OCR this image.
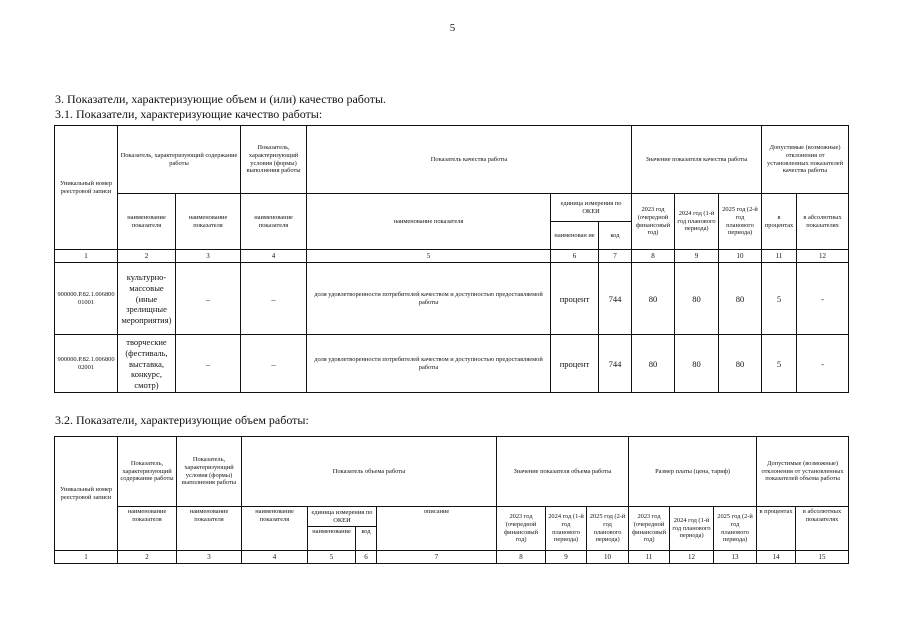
5
3. Показатели, характеризующие объем и (или) качество работы.
3.1. Показатели, характеризующие качество работы:
Уникальный номер реестровой записи	Показатель, характеризующий содержание работы		Показатель, характеризующий условия (формы) выполнения работы	Показатель качества работы			Значение показателя качества работы			Допустимые (возможные) отклонения от установленных показателей качества работы	
	наименование показателя	наименование показателя	наименование показателя	наименование показателя	единица измерения по ОКЕИ		2023 год (очередной финансовый год)	2024 год (1-й год планового периода)	2025 год (2-й год планового периода)	в процентах	в абсолютных показателях
					наименован ие	код					
1	2	3	4	5	6	7	8	9	10	11	12
900000.Р.82.1.00680001001	культурно-массовые (иные зрелищные мероприятия)	–	–	доля удовлетворенности потребителей качеством и доступностью предоставляемой работы	процент	744	80	80	80	5	-
900000.Р.82.1.00680002001	творческие (фестиваль, выставка, конкурс, смотр)	–	–	доля удовлетворенности потребителей качеством и доступностью предоставляемой работы	процент	744	80	80	80	5	-
3.2. Показатели, характеризующие объем работы:
Уникальный номер реестровой записи	Показатель, характеризующий содержание работы	Показатель, характеризующий условия (формы) выполнения работы	Показатель объема работы				Значение показателя объема работы			Размер платы (цена, тариф)			Допустимые (возможные) отклонения от установленных показателей объема работы	
	наименование показателя	наименование показателя	наименование показателя	единица измерения по ОКЕИ		описание	2023 год (очередной финансовый год)	2024 год (1-й год планового периода)	2025 год (2-й год планового периода)	2023 год (очередной финансовый год)	2024 год (1-й год планового периода)	2025 год (2-й год планового периода)	в процентах	в абсолютных показателях
				наименование	код									
1	2	3	4	5	6	7	8	9	10	11	12	13	14	15
